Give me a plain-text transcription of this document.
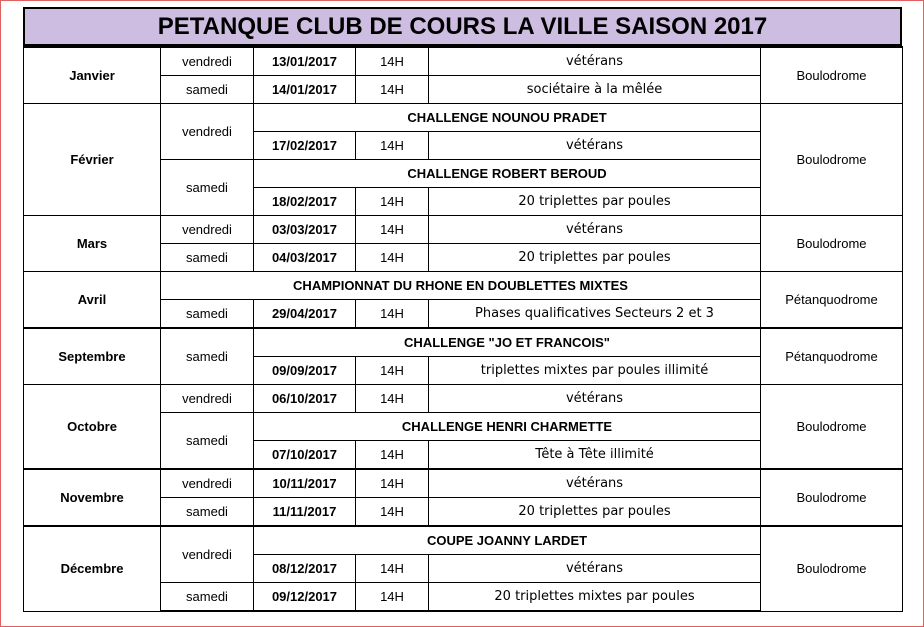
PETANQUE CLUB DE COURS LA VILLE SAISON 2017
Janvier	vendredi	13/01/2017	14H	vétérans	Boulodrome
	samedi	14/01/2017	14H	sociétaire à la mêlée	
Février	vendredi	CHALLENGE NOUNOU PRADET			Boulodrome
		17/02/2017	14H	vétérans	
	samedi	CHALLENGE ROBERT BEROUD			
		18/02/2017	14H	20 triplettes par poules	
Mars	vendredi	03/03/2017	14H	vétérans	Boulodrome
	samedi	04/03/2017	14H	20 triplettes par poules	
Avril	CHAMPIONNAT DU RHONE EN DOUBLETTES MIXTES				Pétanquodrome
	samedi	29/04/2017	14H	Phases qualificatives Secteurs 2 et 3	
Septembre	samedi	CHALLENGE "JO ET FRANCOIS"			Pétanquodrome
		09/09/2017	14H	triplettes mixtes par poules illimité	
Octobre	vendredi	06/10/2017	14H	vétérans	Boulodrome
	samedi	CHALLENGE HENRI CHARMETTE			
		07/10/2017	14H	Tête à Tête illimité	
Novembre	vendredi	10/11/2017	14H	vétérans	Boulodrome
	samedi	11/11/2017	14H	20 triplettes par poules	
Décembre	vendredi	COUPE JOANNY LARDET			Boulodrome
		08/12/2017	14H	vétérans	
	samedi	09/12/2017	14H	20 triplettes mixtes par poules	
